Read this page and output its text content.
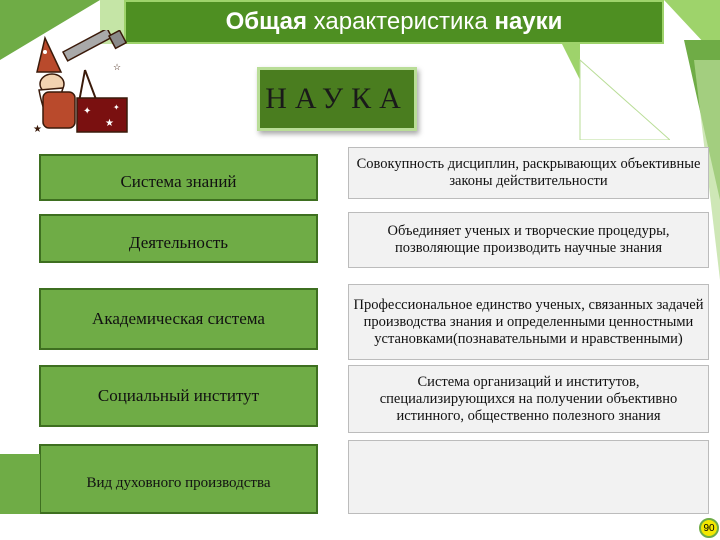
Общая
характеристика
науки
✦
★
✦
★
☆
НАУКА
Система знаний
Совокупность дисциплин, раскрывающих объективные законы действительности
Деятельность
Объединяет ученых и творческие процедуры, позволяющие производить научные знания
Академическая система
Профессиональное единство ученых, связанных задачей производства знания и определенными ценностными установками(познавательными и нравственными)
Социальный институт
Система организаций и институтов, специализирующихся на получении объективно истинного, общественно полезного знания
Вид духовного производства
90
